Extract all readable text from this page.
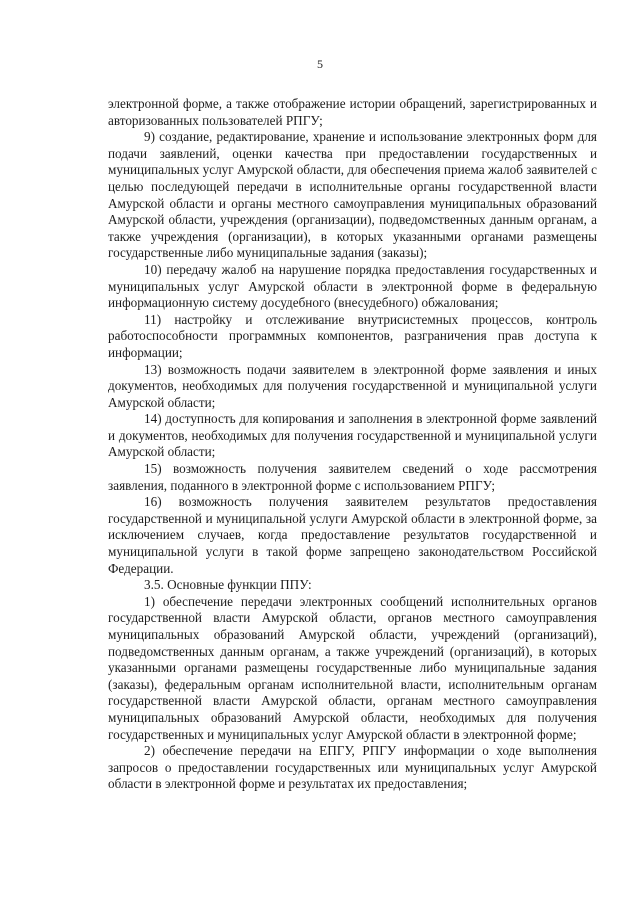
5

электронной форме, а также отображение истории обращений, зарегистрированных и авторизованных пользователей РПГУ;

9) создание, редактирование, хранение и использование электронных форм для подачи заявлений, оценки качества при предоставлении государственных и муниципальных услуг Амурской области, для обеспечения приема жалоб заявителей с целью последующей передачи в исполнительные органы государственной власти Амурской области и органы местного самоуправления муниципальных образований Амурской области, учреждения (организации), подведомственных данным органам, а также учреждения (организации), в которых указанными органами размещены государственные либо муниципальные задания (заказы);

10) передачу жалоб на нарушение порядка предоставления государственных и муниципальных услуг Амурской области в электронной форме в федеральную информационную систему досудебного (внесудебного) обжалования;

11) настройку и отслеживание внутрисистемных процессов, контроль работоспособности программных компонентов, разграничения прав доступа к информации;

13) возможность подачи заявителем в электронной форме заявления и иных документов, необходимых для получения государственной и муниципальной услуги Амурской области;

14) доступность для копирования и заполнения в электронной форме заявлений и документов, необходимых для получения государственной и муниципальной услуги Амурской области;

15) возможность получения заявителем сведений о ходе рассмотрения заявления, поданного в электронной форме с использованием РПГУ;

16) возможность получения заявителем результатов предоставления государственной и муниципальной услуги Амурской области в электронной форме, за исключением случаев, когда предоставление результатов государственной и муниципальной услуги в такой форме запрещено законодательством Российской Федерации.

3.5. Основные функции ППУ:

1) обеспечение передачи электронных сообщений исполнительных органов государственной власти Амурской области, органов местного самоуправления муниципальных образований Амурской области, учреждений (организаций), подведомственных данным органам, а также учреждений (организаций), в которых указанными органами размещены государственные либо муниципальные задания (заказы), федеральным органам исполнительной власти, исполнительным органам государственной власти Амурской области, органам местного самоуправления муниципальных образований Амурской области, необходимых для получения государственных и муниципальных услуг Амурской области в электронной форме;

2) обеспечение передачи на ЕПГУ, РПГУ информации о ходе выполнения запросов о предоставлении государственных или муниципальных услуг Амурской области в электронной форме и результатах их предоставления;
